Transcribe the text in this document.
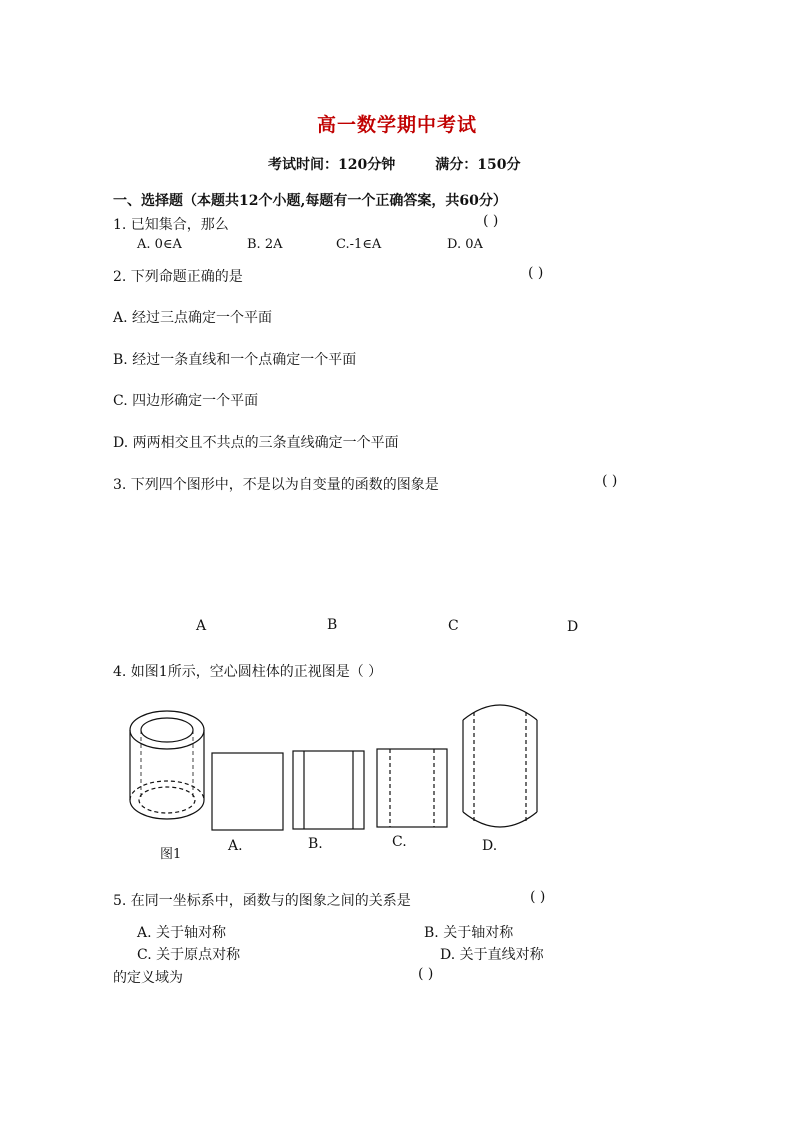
高一数学期中考试
考试时间：120分钟	满分：150分
一、选择题（本题共12个小题,每题有一个正确答案，共60分）
1. 已知集合，那么	( )
A. 0∈A	B. 2A	C.-1∈A	D. 0A
2. 下列命题正确的是	( )
A. 经过三点确定一个平面
B. 经过一条直线和一个点确定一个平面
C. 四边形确定一个平面
D. 两两相交且不共点的三条直线确定一个平面
3. 下列四个图形中，不是以为自变量的函数的图象是	( )
A	B	C	D
4. 如图1所示，空心圆柱体的正视图是（ ）
图1
A.	B.	C.	D.
5. 在同一坐标系中，函数与的图象之间的关系是	( )
A. 关于轴对称	B. 关于轴对称
C. 关于原点对称	D. 关于直线对称
的定义域为	( )
